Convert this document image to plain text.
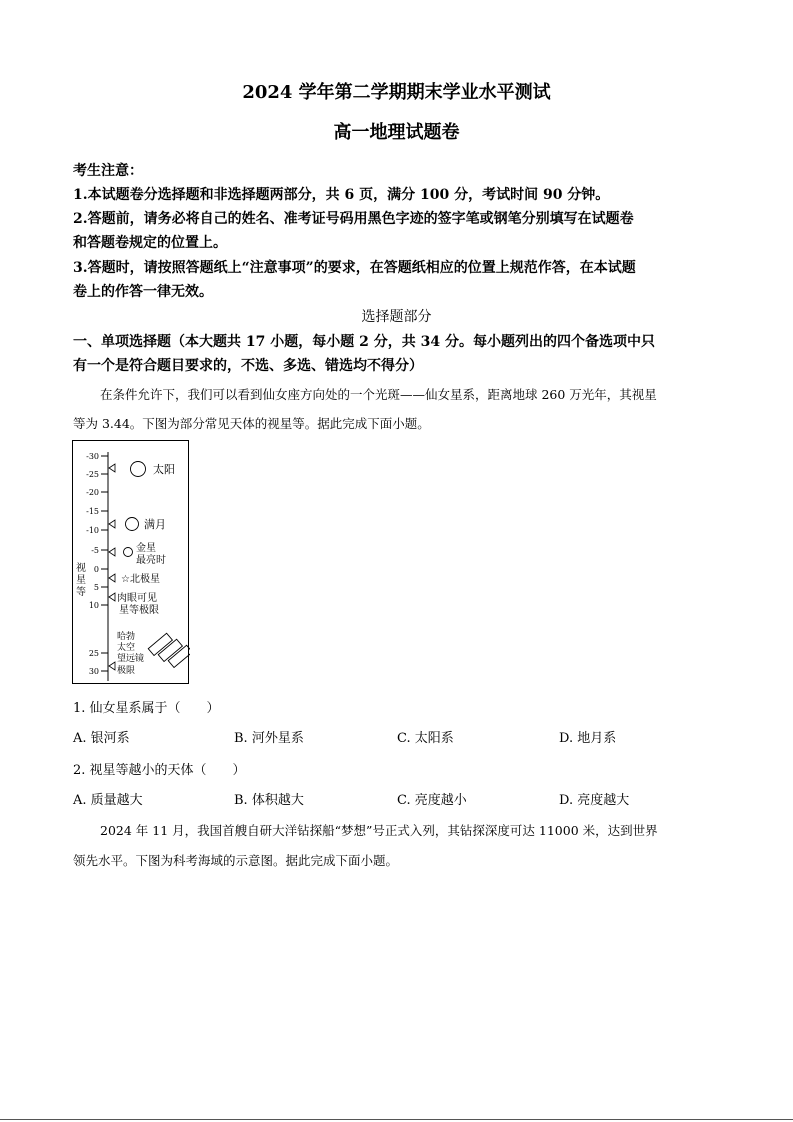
2024 学年第二学期期末学业水平测试
高一地理试题卷
考生注意：
1.本试题卷分选择题和非选择题两部分，共 6 页，满分 100 分，考试时间 90 分钟。
2.答题前，请务必将自己的姓名、准考证号码用黑色字迹的签字笔或钢笔分别填写在试题卷
和答题卷规定的位置上。
3.答题时，请按照答题纸上“注意事项”的要求，在答题纸相应的位置上规范作答，在本试题
卷上的作答一律无效。
选择题部分
一、单项选择题（本大题共 17 小题，每小题 2 分，共 34 分。每小题列出的四个备选项中只
有一个是符合题目要求的，不选、多选、错选均不得分）
在条件允许下，我们可以看到仙女座方向处的一个光斑——仙女星系，距离地球 260 万光年，其视星
等为 3.44。下图为部分常见天体的视星等。据此完成下面小题。
-30
-25
-20
-15
-10
-5
0
5
10
25
30
视
星
等
太阳
满月
金星
最亮时
☆ 北极星
肉眼可见
星等极限
哈勃
太空
望远镜
极限
1. 仙女星系属于（　　）
A. 银河系	B. 河外星系	C. 太阳系	D. 地月系
2. 视星等越小的天体（　　）
A. 质量越大	B. 体积越大	C. 亮度越小	D. 亮度越大
2024 年 11 月，我国首艘自研大洋钻探船“梦想”号正式入列，其钻探深度可达 11000 米，达到世界
领先水平。下图为科考海域的示意图。据此完成下面小题。
